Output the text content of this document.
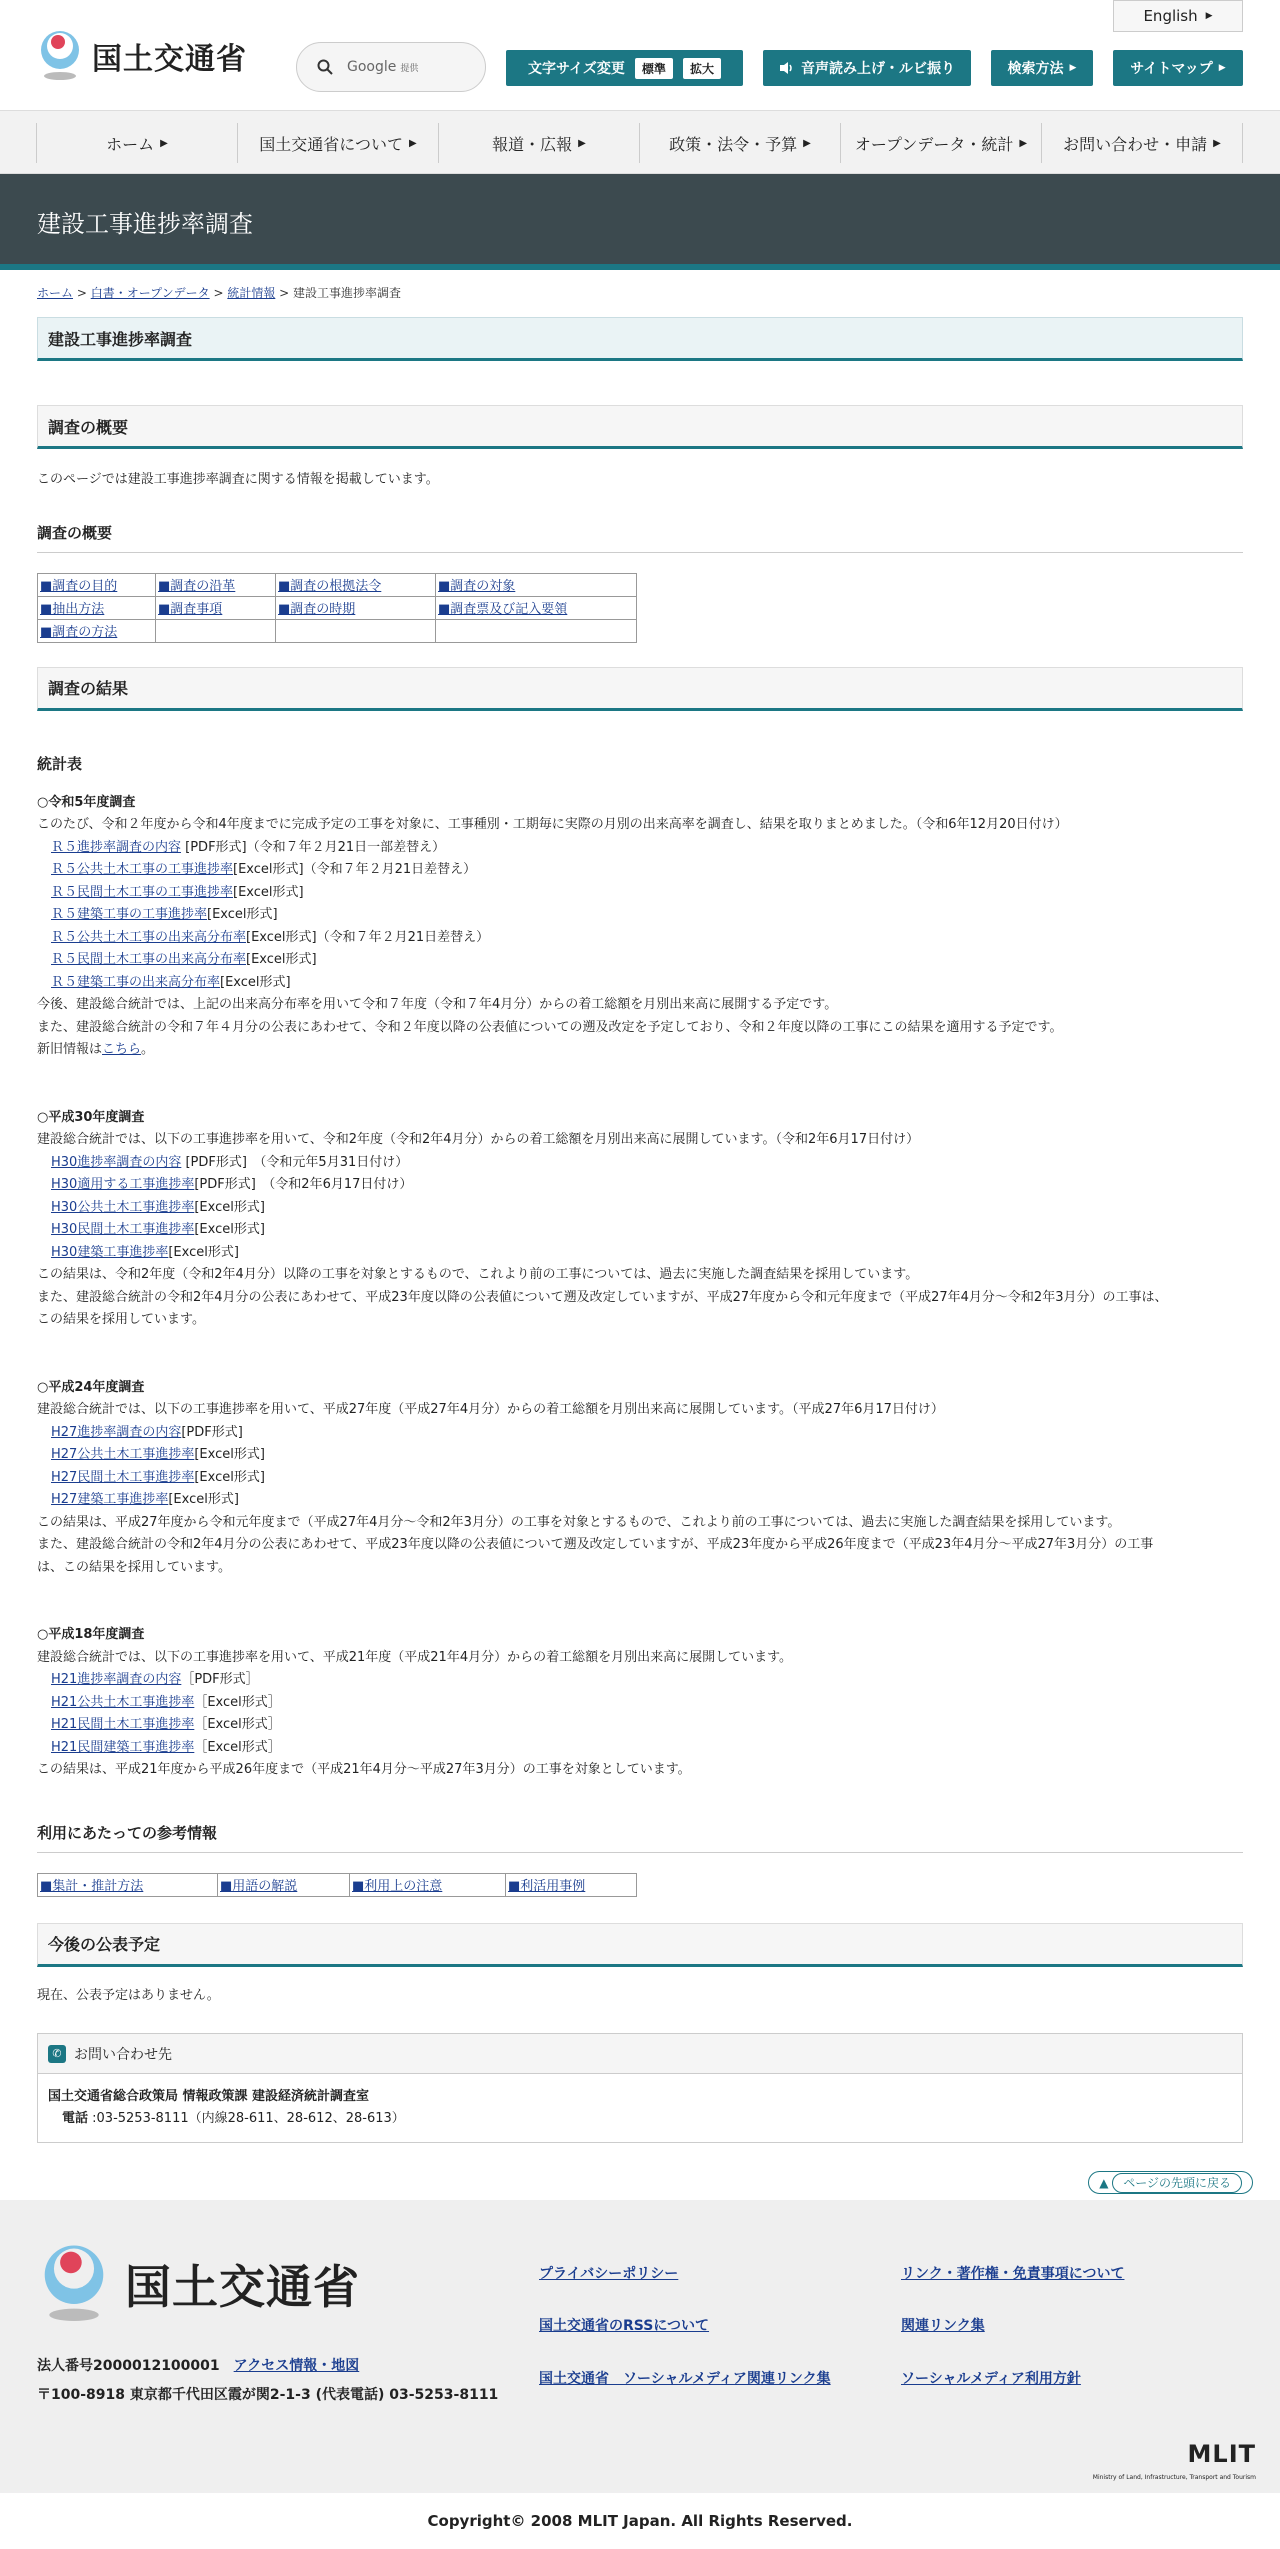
国土交通省
English ▶
Google 提供	文字サイズ変更	標準	拡大	音声読み上げ・ルビ振り	検索方法 ▶	サイトマップ ▶
ホーム ▶	国土交通省について ▶	報道・広報 ▶	政策・法令・予算 ▶	オープンデータ・統計 ▶ お問い合わせ・申請 ▶
建設工事進捗率調査
ホーム > 白書・オープンデータ > 統計情報 > 建設工事進捗率調査
建設工事進捗率調査
調査の概要

このページでは建設工事進捗率調査に関する情報を掲載しています。

調査の概要
■調査の目的	■調査の沿革	■調査の根拠法令	■調査の対象
■抽出方法	■調査事項	■調査の時期	■調査票及び記入要領
■調査の方法			
調査の結果
統計表
○令和5年度調査
このたび、令和２年度から令和4年度までに完成予定の工事を対象に、工事種別・工期毎に実際の月別の出来高率を調査し、結果を取りまとめました。（令和6年12月20日付け）
Ｒ５進捗率調査の内容 [PDF形式]（令和７年２月21日一部差替え）
Ｒ５公共土木工事の工事進捗率[Excel形式]（令和７年２月21日差替え）
Ｒ５民間土木工事の工事進捗率[Excel形式]
Ｒ５建築工事の工事進捗率[Excel形式]
Ｒ５公共土木工事の出来高分布率[Excel形式]（令和７年２月21日差替え）
Ｒ５民間土木工事の出来高分布率[Excel形式]
Ｒ５建築工事の出来高分布率[Excel形式]
今後、建設総合統計では、上記の出来高分布率を用いて令和７年度（令和７年4月分）からの着工総額を月別出来高に展開する予定です。
また、建設総合統計の令和７年４月分の公表にあわせて、令和２年度以降の公表値についての遡及改定を予定しており、令和２年度以降の工事にこの結果を適用する予定です。
新旧情報はこちら。
○平成30年度調査
建設総合統計では、以下の工事進捗率を用いて、令和2年度（令和2年4月分）からの着工総額を月別出来高に展開しています。（令和2年6月17日付け）
H30進捗率調査の内容 [PDF形式]　（令和元年5月31日付け）
H30適用する工事進捗率[PDF形式]　（令和2年6月17日付け）
H30公共土木工事進捗率[Excel形式]
H30民間土木工事進捗率[Excel形式]
H30建築工事進捗率[Excel形式]
この結果は、令和2年度（令和2年4月分）以降の工事を対象とするもので、これより前の工事については、過去に実施した調査結果を採用しています。
また、建設総合統計の令和2年4月分の公表にあわせて、平成23年度以降の公表値について遡及改定していますが、平成27年度から令和元年度まで（平成27年4月分～令和2年3月分）の工事は、
この結果を採用しています。
○平成24年度調査
建設総合統計では、以下の工事進捗率を用いて、平成27年度（平成27年4月分）からの着工総額を月別出来高に展開しています。（平成27年6月17日付け）
H27進捗率調査の内容[PDF形式]
H27公共土木工事進捗率[Excel形式]
H27民間土木工事進捗率[Excel形式]
H27建築工事進捗率[Excel形式]
この結果は、平成27年度から令和元年度まで（平成27年4月分～令和2年3月分）の工事を対象とするもので、これより前の工事については、過去に実施した調査結果を採用しています。
また、建設総合統計の令和2年4月分の公表にあわせて、平成23年度以降の公表値について遡及改定していますが、平成23年度から平成26年度まで（平成23年4月分～平成27年3月分）の工事
は、この結果を採用しています。
○平成18年度調査
建設総合統計では、以下の工事進捗率を用いて、平成21年度（平成21年4月分）からの着工総額を月別出来高に展開しています。
H21進捗率調査の内容［PDF形式］
H21公共土木工事進捗率［Excel形式］
H21民間土木工事進捗率［Excel形式］
H21民間建築工事進捗率［Excel形式］
この結果は、平成21年度から平成26年度まで（平成21年4月分～平成27年3月分）の工事を対象としています。
利用にあたっての参考情報
■集計・推計方法	■用語の解説	■利用上の注意	■利活用事例
今後の公表予定

現在、公表予定はありません。

✆ お問い合わせ先
国土交通省総合政策局 情報政策課 建設経済統計調査室
電話 :03-5253-8111（内線28-611、28-612、28-613）
▲ ページの先頭に戻る
国土交通省
法人番号2000012100001 アクセス情報・地図
〒100-8918 東京都千代田区霞が関2-1-3 (代表電話) 03-5253-8111
プライバシーポリシー	リンク・著作権・免責事項について
国土交通省のRSSについて	関連リンク集
国土交通省　ソーシャルメディア関連リンク集	ソーシャルメディア利用方針
MLIT
Ministry of Land, Infrastructure, Transport and Tourism
Copyright© 2008 MLIT Japan. All Rights Reserved.
